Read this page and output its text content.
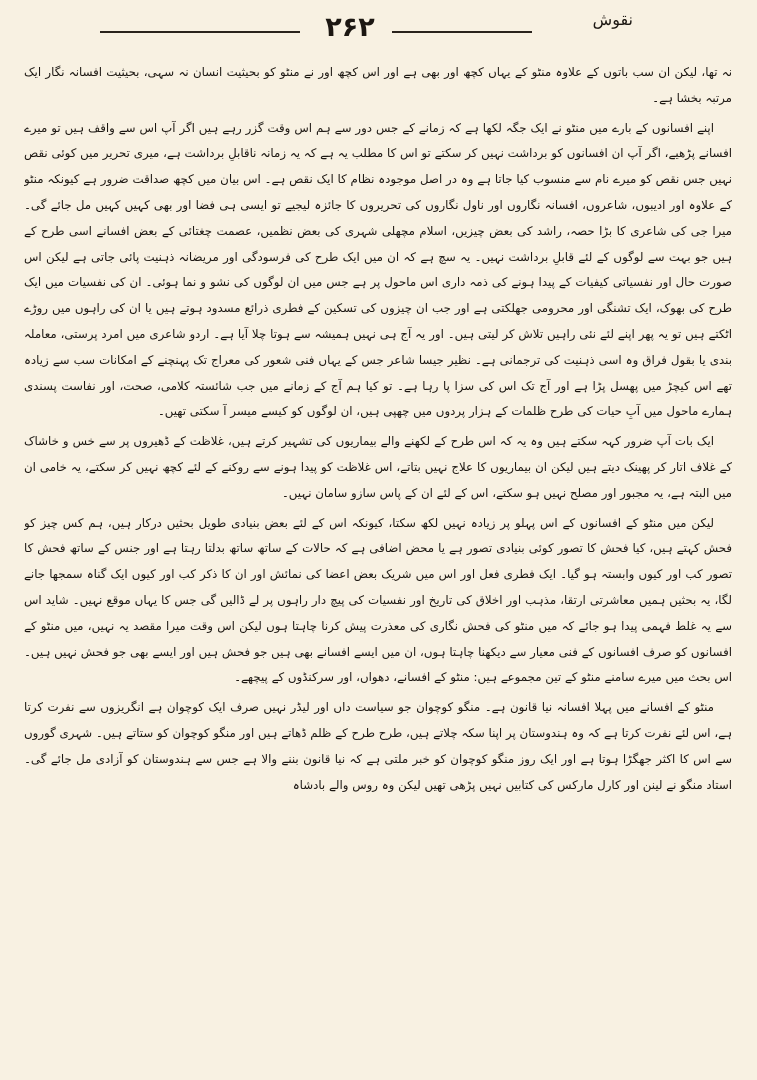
۲۶۲	نقوش

نہ تھا، لیکن ان سب باتوں کے علاوہ منٹو کے یہاں کچھ اور بھی ہے اور اس کچھ اور نے منٹو کو بحیثیت انسان نہ سہی، بحیثیت افسانہ نگار ایک مرتبہ بخشا ہے۔

اپنے افسانوں کے بارے میں منٹو نے ایک جگہ لکھا ہے کہ زمانے کے جس دور سے ہم اس وقت گزر رہے ہیں اگر آپ اس سے واقف ہیں تو میرے افسانے پڑھیے، اگر آپ ان افسانوں کو برداشت نہیں کر سکتے تو اس کا مطلب یہ ہے کہ یہ زمانہ ناقابلِ برداشت ہے، میری تحریر میں کوئی نقص نہیں جس نقص کو میرے نام سے منسوب کیا جاتا ہے وہ در اصل موجودہ نظام کا ایک نقص ہے۔ اس بیان میں کچھ صداقت ضرور ہے کیونکہ منٹو کے علاوہ اور ادیبوں، شاعروں، افسانہ نگاروں اور ناول نگاروں کی تحریروں کا جائزہ لیجیے تو ایسی ہی فضا اور بھی کہیں کہیں مل جائے گی۔ میرا جی کی شاعری کا بڑا حصہ، راشد کی بعض چیزیں، اسلام مچھلی شہری کی بعض نظمیں، عصمت چغتائی کے بعض افسانے اسی طرح کے ہیں جو بہت سے لوگوں کے لئے قابلِ برداشت نہیں۔ یہ سچ ہے کہ ان میں ایک طرح کی فرسودگی اور مریضانہ ذہنیت پائی جاتی ہے لیکن اس صورت حال اور نفسیاتی کیفیات کے پیدا ہونے کی ذمہ داری اس ماحول پر ہے جس میں ان لوگوں کی نشو و نما ہوئی۔ ان کی نفسیات میں ایک طرح کی بھوک، ایک تشنگی اور محرومی جھلکتی ہے اور جب ان چیزوں کی تسکین کے فطری ذرائع مسدود ہوتے ہیں یا ان کی راہوں میں روڑے اٹکتے ہیں تو یہ پھر اپنے لئے نئی راہیں تلاش کر لیتی ہیں۔ اور یہ آج ہی نہیں ہمیشہ سے ہوتا چلا آیا ہے۔ اردو شاعری میں امرد پرستی، معاملہ بندی یا بقول فراق وہ اسی ذہنیت کی ترجمانی ہے۔ نظیر جیسا شاعر جس کے یہاں فنی شعور کی معراج تک پہنچنے کے امکانات سب سے زیادہ تھے اس کیچڑ میں پھسل پڑا ہے اور آج تک اس کی سزا پا رہا ہے۔ تو کیا ہم آج کے زمانے میں جب شائستہ کلامی، صحت، اور نفاست پسندی ہمارے ماحول میں آبِ حیات کی طرح ظلمات کے ہزار پردوں میں چھپی ہیں، ان لوگوں کو کیسے میسر آ سکتی تھیں۔

ایک بات آپ ضرور کہہ سکتے ہیں وہ یہ کہ اس طرح کے لکھنے والے بیماریوں کی تشہیر کرتے ہیں، غلاظت کے ڈھیروں پر سے خس و خاشاک کے غلاف اتار کر پھینک دیتے ہیں لیکن ان بیماریوں کا علاج نہیں بتاتے، اس غلاظت کو پیدا ہونے سے روکنے کے لئے کچھ نہیں کر سکتے، یہ خامی ان میں البتہ ہے، یہ مجبور اور مصلح نہیں ہو سکتے، اس کے لئے ان کے پاس سازو سامان نہیں۔

لیکن میں منٹو کے افسانوں کے اس پہلو پر زیادہ نہیں لکھ سکتا، کیونکہ اس کے لئے بعض بنیادی طویل بحثیں درکار ہیں، ہم کس چیز کو فحش کہتے ہیں، کیا فحش کا تصور کوئی بنیادی تصور ہے یا محض اضافی ہے کہ حالات کے ساتھ ساتھ بدلتا رہتا ہے اور جنس کے ساتھ فحش کا تصور کب اور کیوں وابستہ ہو گیا۔ ایک فطری فعل اور اس میں شریک بعض اعضا کی نمائش اور ان کا ذکر کب اور کیوں ایک گناہ سمجھا جانے لگا، یہ بحثیں ہمیں معاشرتی ارتقا، مذہب اور اخلاق کی تاریخ اور نفسیات کی پیچ دار راہوں پر لے ڈالیں گی جس کا یہاں موقع نہیں۔ شاید اس سے یہ غلط فہمی پیدا ہو جائے کہ میں منٹو کی فحش نگاری کی معذرت پیش کرنا چاہتا ہوں لیکن اس وقت میرا مقصد یہ نہیں، میں منٹو کے افسانوں کو صرف افسانوں کے فنی معیار سے دیکھنا چاہتا ہوں، ان میں ایسے افسانے بھی ہیں جو فحش ہیں اور ایسے بھی جو فحش نہیں ہیں۔ اس بحث میں میرے سامنے منٹو کے تین مجموعے ہیں: منٹو کے افسانے، دھواں، اور سرکنڈوں کے پیچھے۔

منٹو کے افسانے میں پہلا افسانہ نیا قانون ہے۔ منگو کوچوان جو سیاست داں اور لیڈر نہیں صرف ایک کوچوان ہے انگریزوں سے نفرت کرتا ہے، اس لئے نفرت کرتا ہے کہ وہ ہندوستان پر اپنا سکہ چلاتے ہیں، طرح طرح کے ظلم ڈھاتے ہیں اور منگو کوچوان کو ستاتے ہیں۔ شہری گوروں سے اس کا اکثر جھگڑا ہوتا ہے اور ایک روز منگو کوچوان کو خبر ملتی ہے کہ نیا قانون بننے والا ہے جس سے ہندوستان کو آزادی مل جائے گی۔ استاد منگو نے لینن اور کارل مارکس کی کتابیں نہیں پڑھی تھیں لیکن وہ روس والے بادشاہ
